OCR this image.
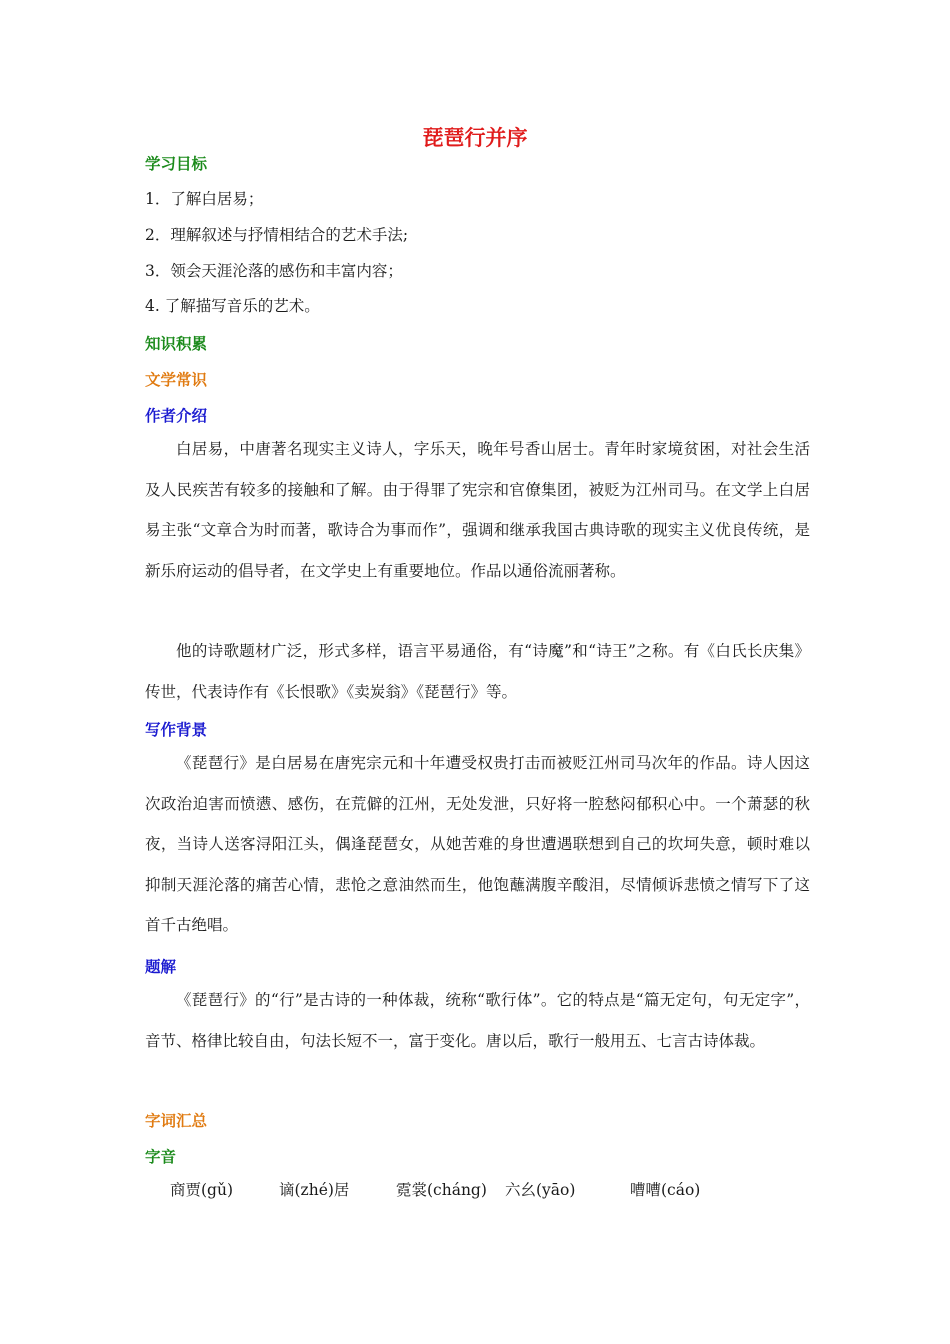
琵琶行并序
学习目标
1．了解白居易；
2．理解叙述与抒情相结合的艺术手法;
3．领会天涯沦落的感伤和丰富内容；
4. 了解描写音乐的艺术。
知识积累
文学常识
作者介绍
白居易，中唐著名现实主义诗人，字乐天，晚年号香山居士。青年时家境贫困，对社会生活及人民疾苦有较多的接触和了解。由于得罪了宪宗和官僚集团，被贬为江州司马。在文学上白居易主张“文章合为时而著，歌诗合为事而作”，强调和继承我国古典诗歌的现实主义优良传统，是新乐府运动的倡导者，在文学史上有重要地位。作品以通俗流丽著称。
他的诗歌题材广泛，形式多样，语言平易通俗，有“诗魔”和“诗王”之称。有《白氏长庆集》传世，代表诗作有《长恨歌》《卖炭翁》《琵琶行》等。
写作背景
《琵琶行》是白居易在唐宪宗元和十年遭受权贵打击而被贬江州司马次年的作品。诗人因这次政治迫害而愤懑、感伤，在荒僻的江州，无处发泄，只好将一腔愁闷郁积心中。一个萧瑟的秋夜，当诗人送客浔阳江头，偶逢琵琶女，从她苦难的身世遭遇联想到自己的坎坷失意，顿时难以抑制天涯沦落的痛苦心情，悲怆之意油然而生，他饱蘸满腹辛酸泪，尽情倾诉悲愤之情写下了这首千古绝唱。
题解
《琵琶行》的“行”是古诗的一种体裁，统称“歌行体”。它的特点是“篇无定句，句无定字”，音节、格律比较自由，句法长短不一，富于变化。唐以后，歌行一般用五、七言古诗体裁。
字词汇总
字音
商贾(gǔ)	谪(zhé)居	霓裳(cháng) 六幺(yāo)	嘈嘈(cáo)
